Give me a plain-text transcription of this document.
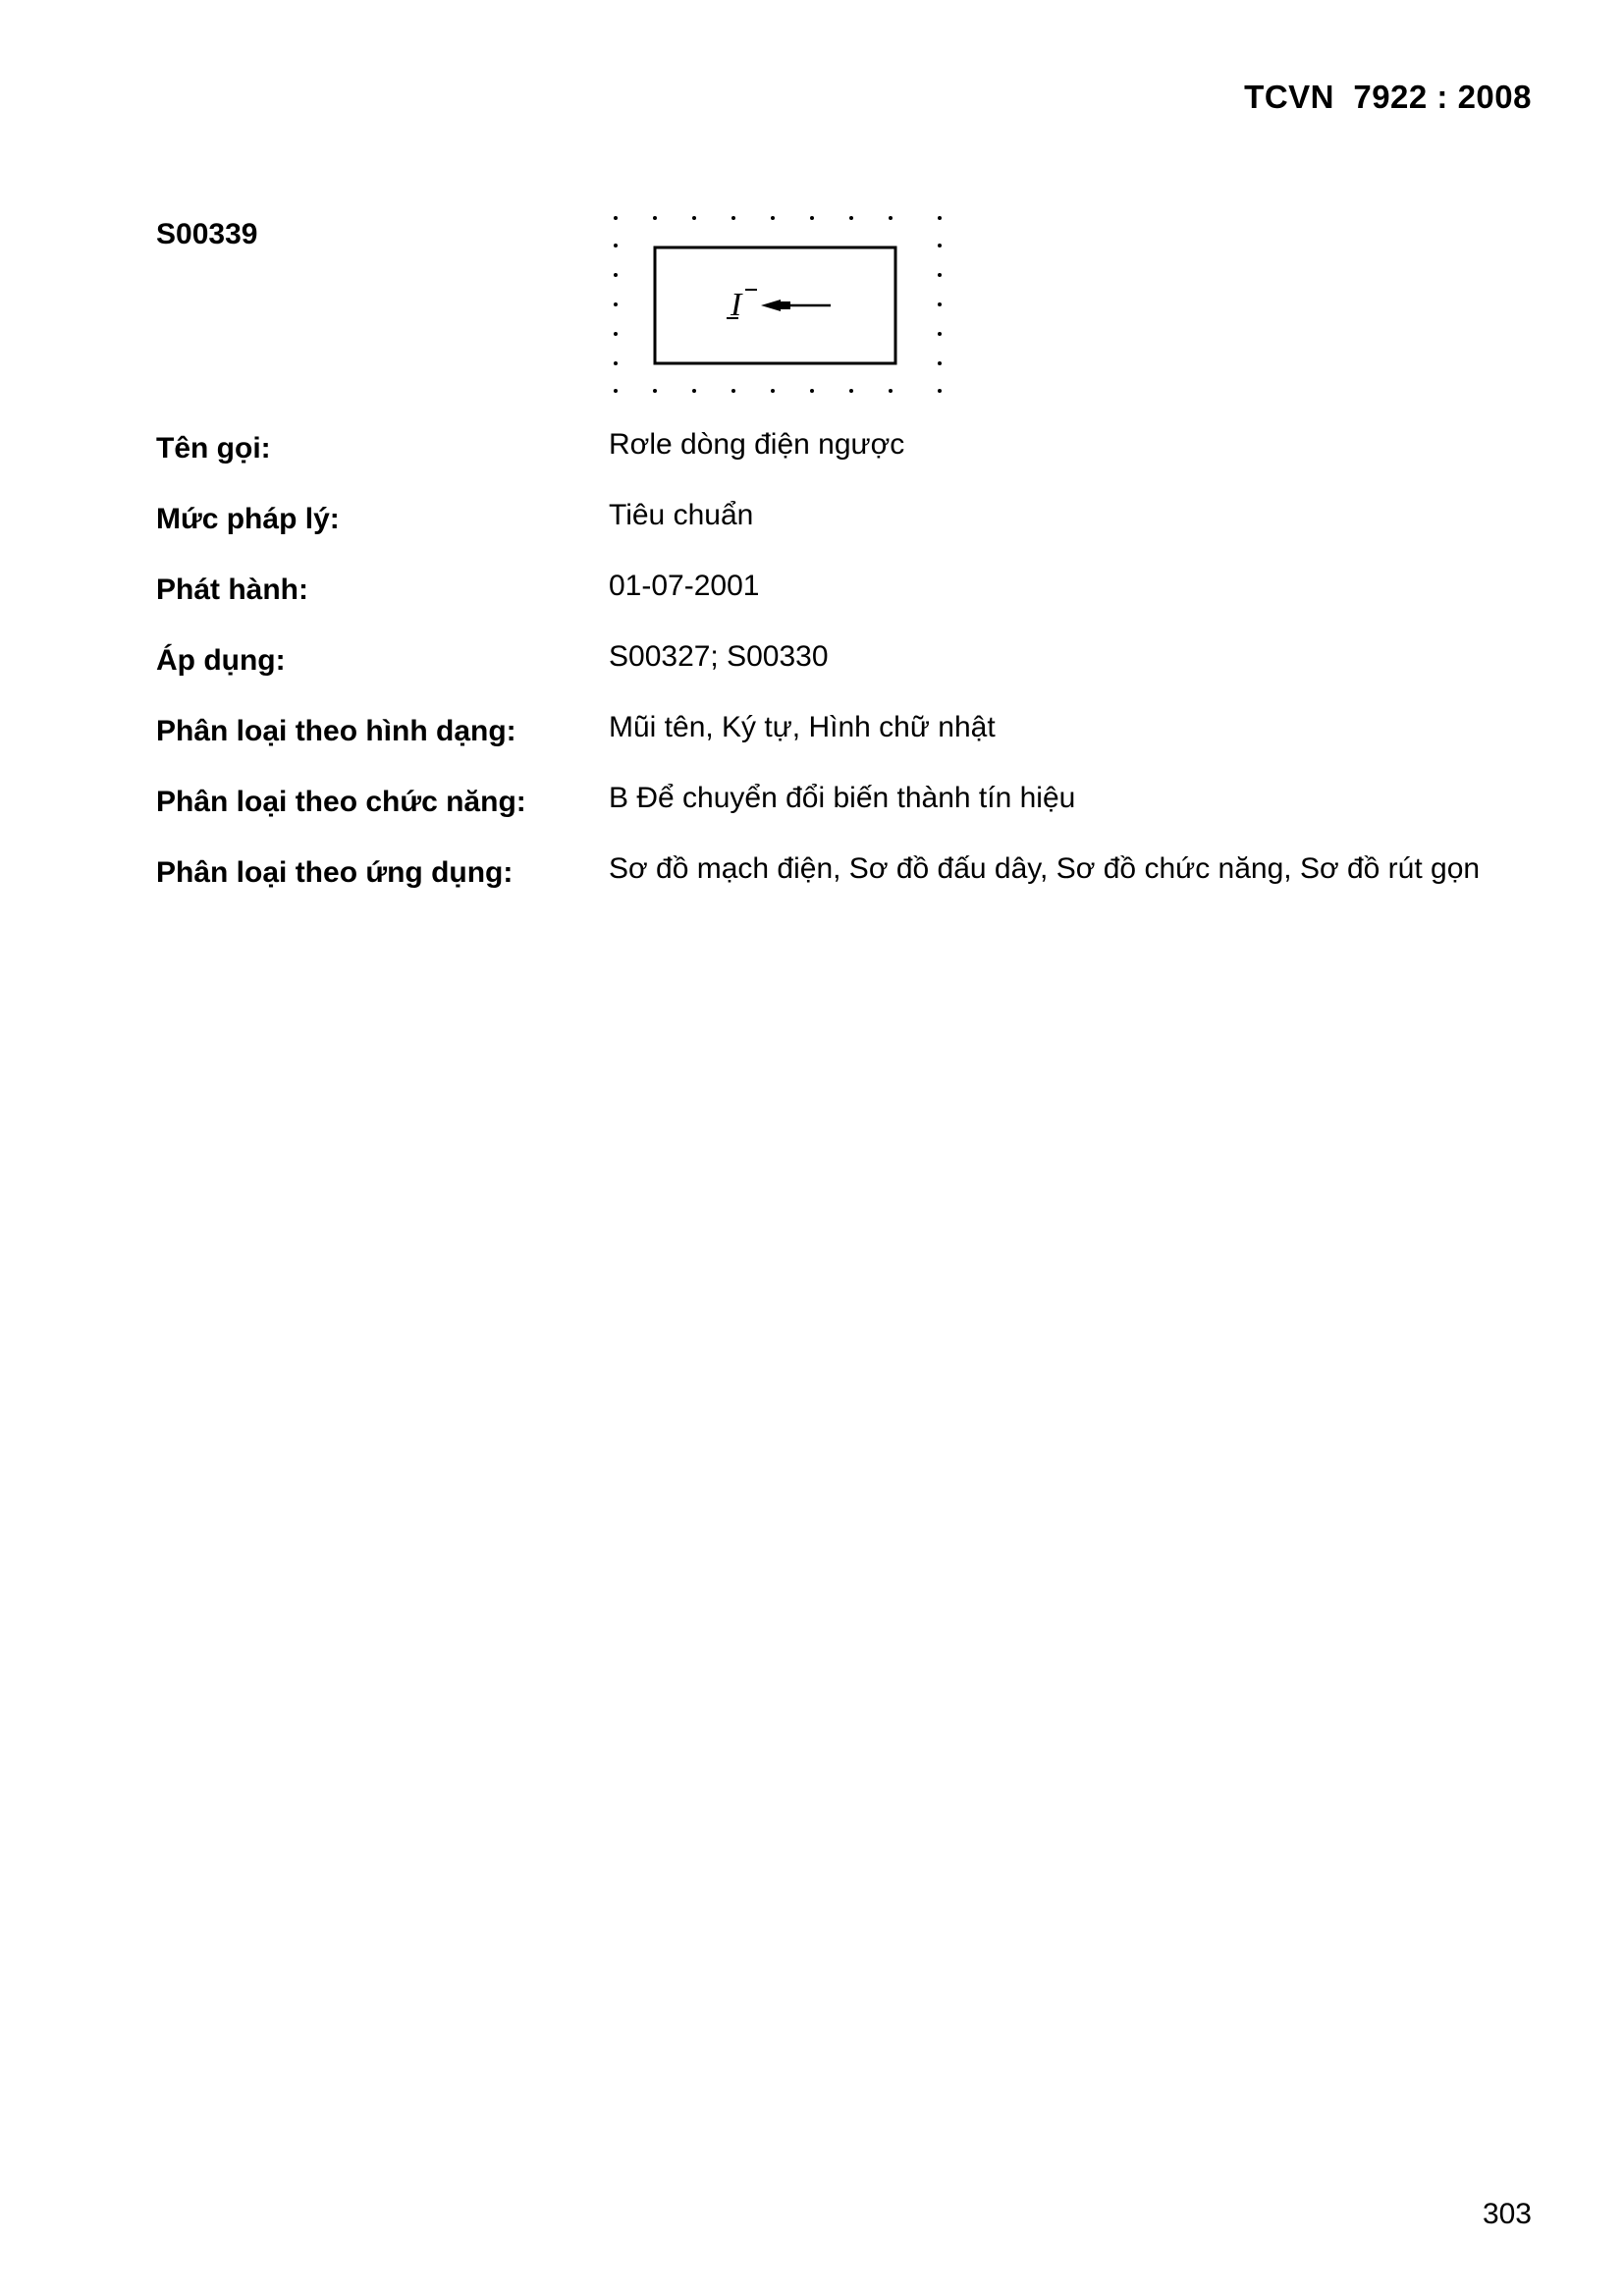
TCVN  7922 : 2008
S00339
I
Tên gọi:	Rơle dòng điện ngược
Mức pháp lý:	Tiêu chuẩn
Phát hành:	01-07-2001
Áp dụng:	S00327; S00330
Phân loại theo hình dạng:	Mũi tên, Ký tự, Hình chữ nhật
Phân loại theo chức năng:	B Để chuyển đổi biến thành tín hiệu
Phân loại theo ứng dụng:	Sơ đồ mạch điện, Sơ đồ đấu dây, Sơ đồ chức năng, Sơ đồ rút gọn
303
